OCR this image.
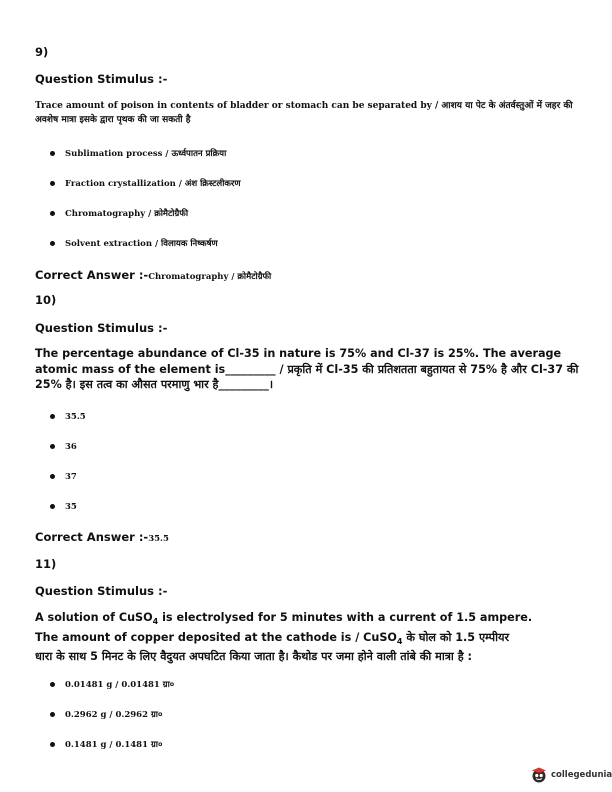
9)
Question Stimulus :-
Trace amount of poison in contents of bladder or stomach can be separated by / आशय या पेट के अंतर्वस्तुओं में जहर की अवशेष मात्रा इसके द्वारा पृथक की जा सकती है
Sublimation process / ऊर्ध्वपातन प्रक्रिया
Fraction crystallization / अंश क्रिस्टलीकरण
Chromatography / क्रोमैटोग्रैफी
Solvent extraction / विलायक निष्कर्षण
Correct Answer :-Chromatography / क्रोमैटोग्रैफी
10)
Question Stimulus :-
The percentage abundance of Cl-35 in nature is 75% and Cl-37 is 25%. The average atomic mass of the element is_________ / प्रकृति में Cl-35 की प्रतिशतता बहुतायत से 75% है और Cl-37 की 25% है। इस तत्व का औसत परमाणु भार है_________।
35.5
36
37
35
Correct Answer :-35.5
11)
Question Stimulus :-
A solution of CuSO$_4$ is electrolysed for 5 minutes with a current of 1.5 ampere.
The amount of copper deposited at the cathode is / CuSO$_4$ के घोल को 1.5 एम्पीयर
धारा के साथ 5 मिनट के लिए वैदुयत अपघटित किया जाता है। कैथोड पर जमा होने वाली तांबे की मात्रा है :
0.01481 g / 0.01481 ग्रा०
0.2962 g / 0.2962 ग्रा०
0.1481 g / 0.1481 ग्रा०
collegedunia
